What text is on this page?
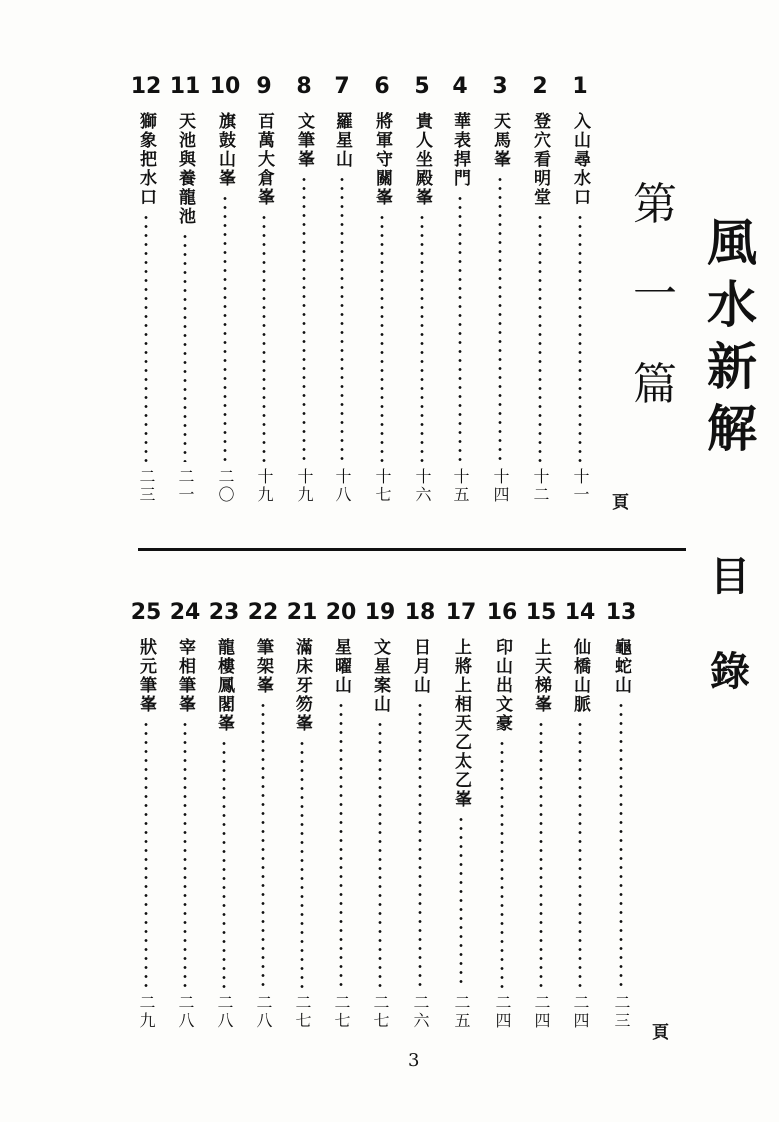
風
水
新
解
目
錄
第
一
篇
頁
頁
1
入山尋水口
十一
2
登穴看明堂
十二
3
天馬峯
十四
4
華表捍門
十五
5
貴人坐殿峯
十六
6
將軍守關峯
十七
7
羅星山
十八
8
文筆峯
十九
9
百萬大倉峯
十九
10
旗鼓山峯
二〇
11
天池與養龍池
二一
12
獅象把水口
二三
13
龜蛇山
二三
14
仙橋山脈
二四
15
上天梯峯
二四
16
印山出文豪
二四
17
上將上相天乙太乙峯
二五
18
日月山
二六
19
文星案山
二七
20
星曜山
二七
21
滿床牙笏峯
二七
22
筆架峯
二八
23
龍樓鳳閣峯
二八
24
宰相筆峯
二八
25
狀元筆峯
二九
3
